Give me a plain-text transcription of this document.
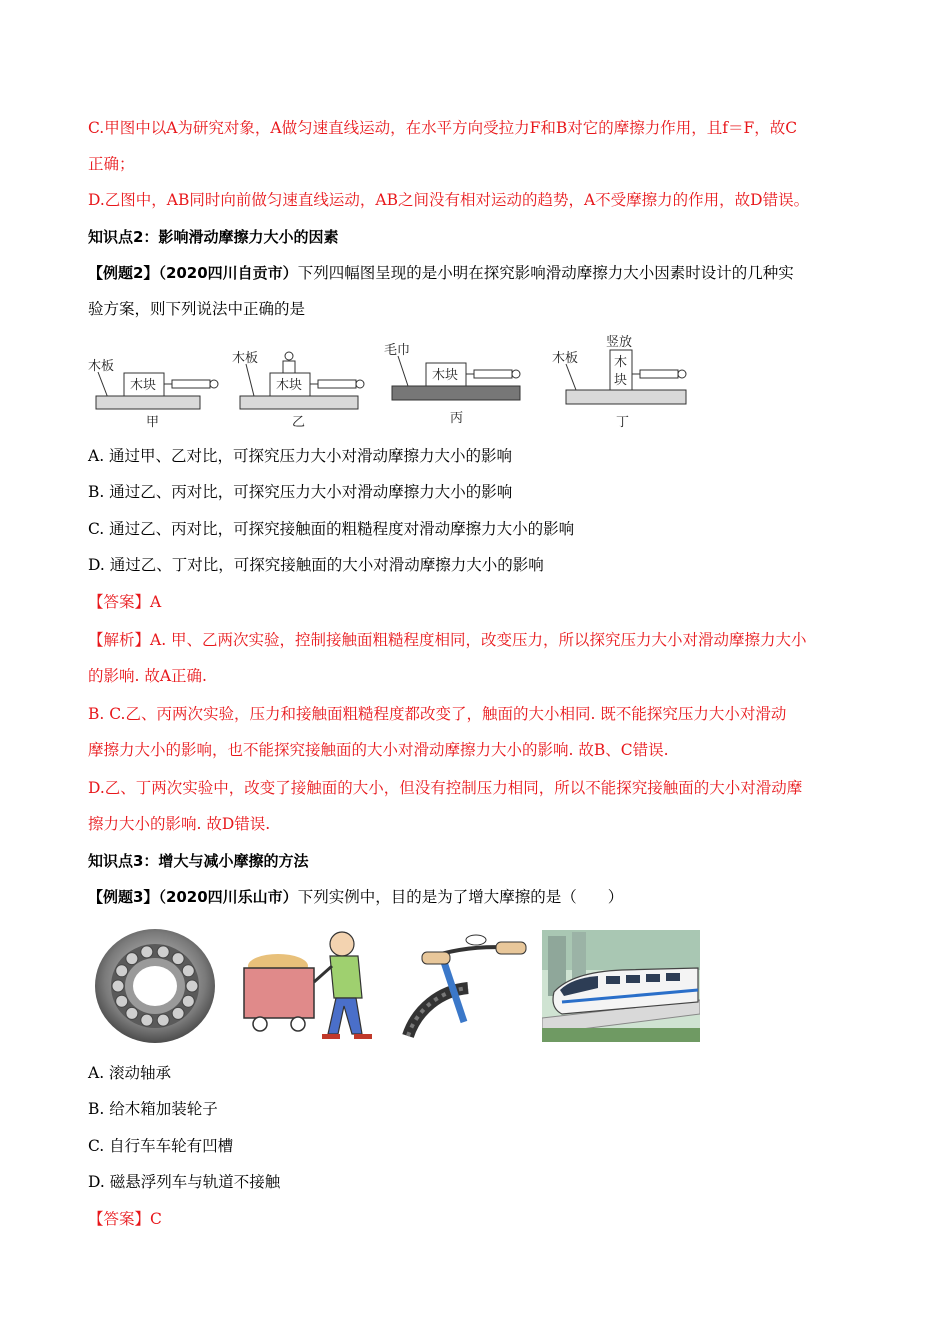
C.甲图中以A为研究对象，A做匀速直线运动，在水平方向受拉力F和B对它的摩擦力作用，且f＝F，故C
正确；
D.乙图中，AB同时向前做匀速直线运动，AB之间没有相对运动的趋势，A不受摩擦力的作用，故D错误。
知识点2：影响滑动摩擦力大小的因素
【例题2】（2020四川自贡市）下列四幅图呈现的是小明在探究影响滑动摩擦力大小因素时设计的几种实
验方案，则下列说法中正确的是
木板
木块
甲
木板
木块
乙
毛巾
木块
丙
木板
竖放
木
块
丁
A. 通过甲、乙对比，可探究压力大小对滑动摩擦力大小的影响
B. 通过乙、丙对比，可探究压力大小对滑动摩擦力大小的影响
C. 通过乙、丙对比，可探究接触面的粗糙程度对滑动摩擦力大小的影响
D. 通过乙、丁对比，可探究接触面的大小对滑动摩擦力大小的影响
【答案】A
【解析】A. 甲、乙两次实验，控制接触面粗糙程度相同，改变压力，所以探究压力大小对滑动摩擦力大小
的影响. 故A正确.
B. C.乙、丙两次实验，压力和接触面粗糙程度都改变了，触面的大小相同. 既不能探究压力大小对滑动
摩擦力大小的影响，也不能探究接触面的大小对滑动摩擦力大小的影响. 故B、C错误.
D.乙、丁两次实验中，改变了接触面的大小，但没有控制压力相同，所以不能探究接触面的大小对滑动摩
擦力大小的影响. 故D错误.
知识点3：增大与减小摩擦的方法
【例题3】（2020四川乐山市）下列实例中，目的是为了增大摩擦的是（　　）
A. 滚动轴承
B. 给木箱加装轮子
C. 自行车车轮有凹槽
D. 磁悬浮列车与轨道不接触
【答案】C
